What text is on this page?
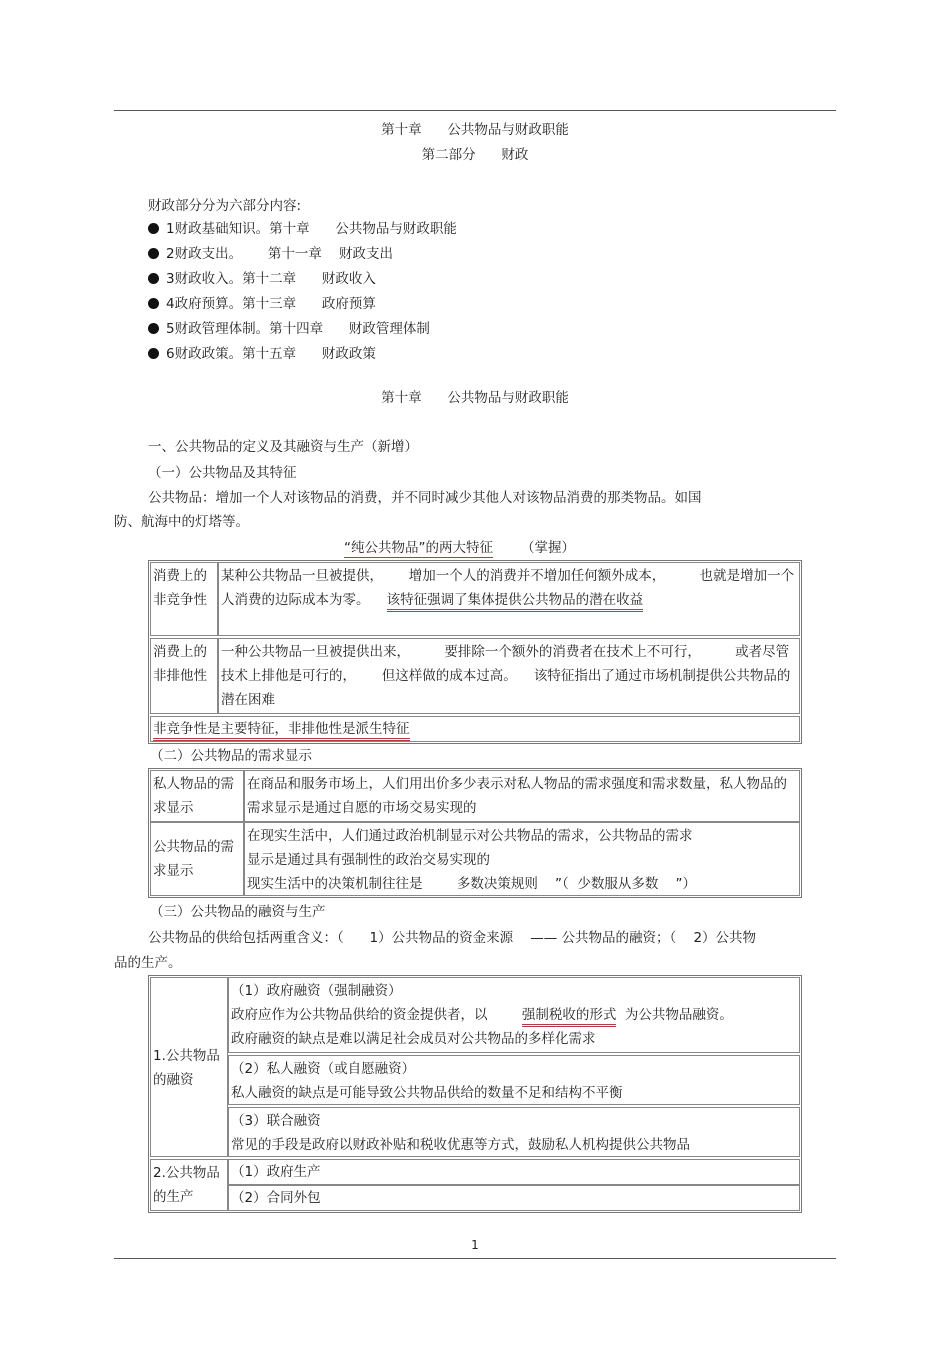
第十章      公共物品与财政职能
第二部分      财政
财政部分分为六部分内容:
1财政基础知识。第十章      公共物品与财政职能
2财政支出。      第十一章    财政支出
3财政收入。第十二章      财政收入
4政府预算。第十三章      政府预算
5财政管理体制。第十四章      财政管理体制
6财政政策。第十五章      财政政策
第十章      公共物品与财政职能
一、公共物品的定义及其融资与生产（新增）
（一）公共物品及其特征
公共物品：增加一个人对该物品的消费，并不同时减少其他人对该物品消费的那类物品。如国
防、航海中的灯塔等。
“纯公共物品”的两大特征 （掌握）

消费上的非竞争性

某种公共物品一旦被提供，      增加一个人的消费并不增加任何额外成本，        也就是增加一个人消费的边际成本为零。    该特征强调了集体提供公共物品的潜在收益

消费上的非排他性

一种公共物品一旦被提供出来，        要排除一个额外的消费者在技术上不可行，        或者尽管技术上排他是可行的，      但这样做的成本过高。    该特征指出了通过市场机制提供公共物品的潜在困难

非竞争性是主要特征，非排他性是派生特征

（二）公共物品的需求显示

私人物品的需求显示

在商品和服务市场上，人们用出价多少表示对私人物品的需求强度和需求数量，私人物品的需求显示是通过自愿的市场交易实现的

公共物品的需求显示

在现实生活中，人们通过政治机制显示对公共物品的需求，公共物品的需求

显示是通过具有强制性的政治交易实现的

现实生活中的决策机制往往是        多数决策规则    ”（  少数服从多数    ”）

（三）公共物品的融资与生产
公共物品的供给包括两重含义：（      1）公共物品的资金来源    —— 公共物品的融资；（    2）公共物
品的生产。

1.公共物品的融资

（1）政府融资（强制融资）

政府应作为公共物品供给的资金提供者，以        强制税收的形式  为公共物品融资。

政府融资的缺点是难以满足社会成员对公共物品的多样化需求

（2）私人融资（或自愿融资）

私人融资的缺点是可能导致公共物品供给的数量不足和结构不平衡

（3）联合融资

常见的手段是政府以财政补贴和税收优惠等方式，鼓励私人机构提供公共物品

2.公共物品的生产

（1）政府生产

（2）合同外包

1
